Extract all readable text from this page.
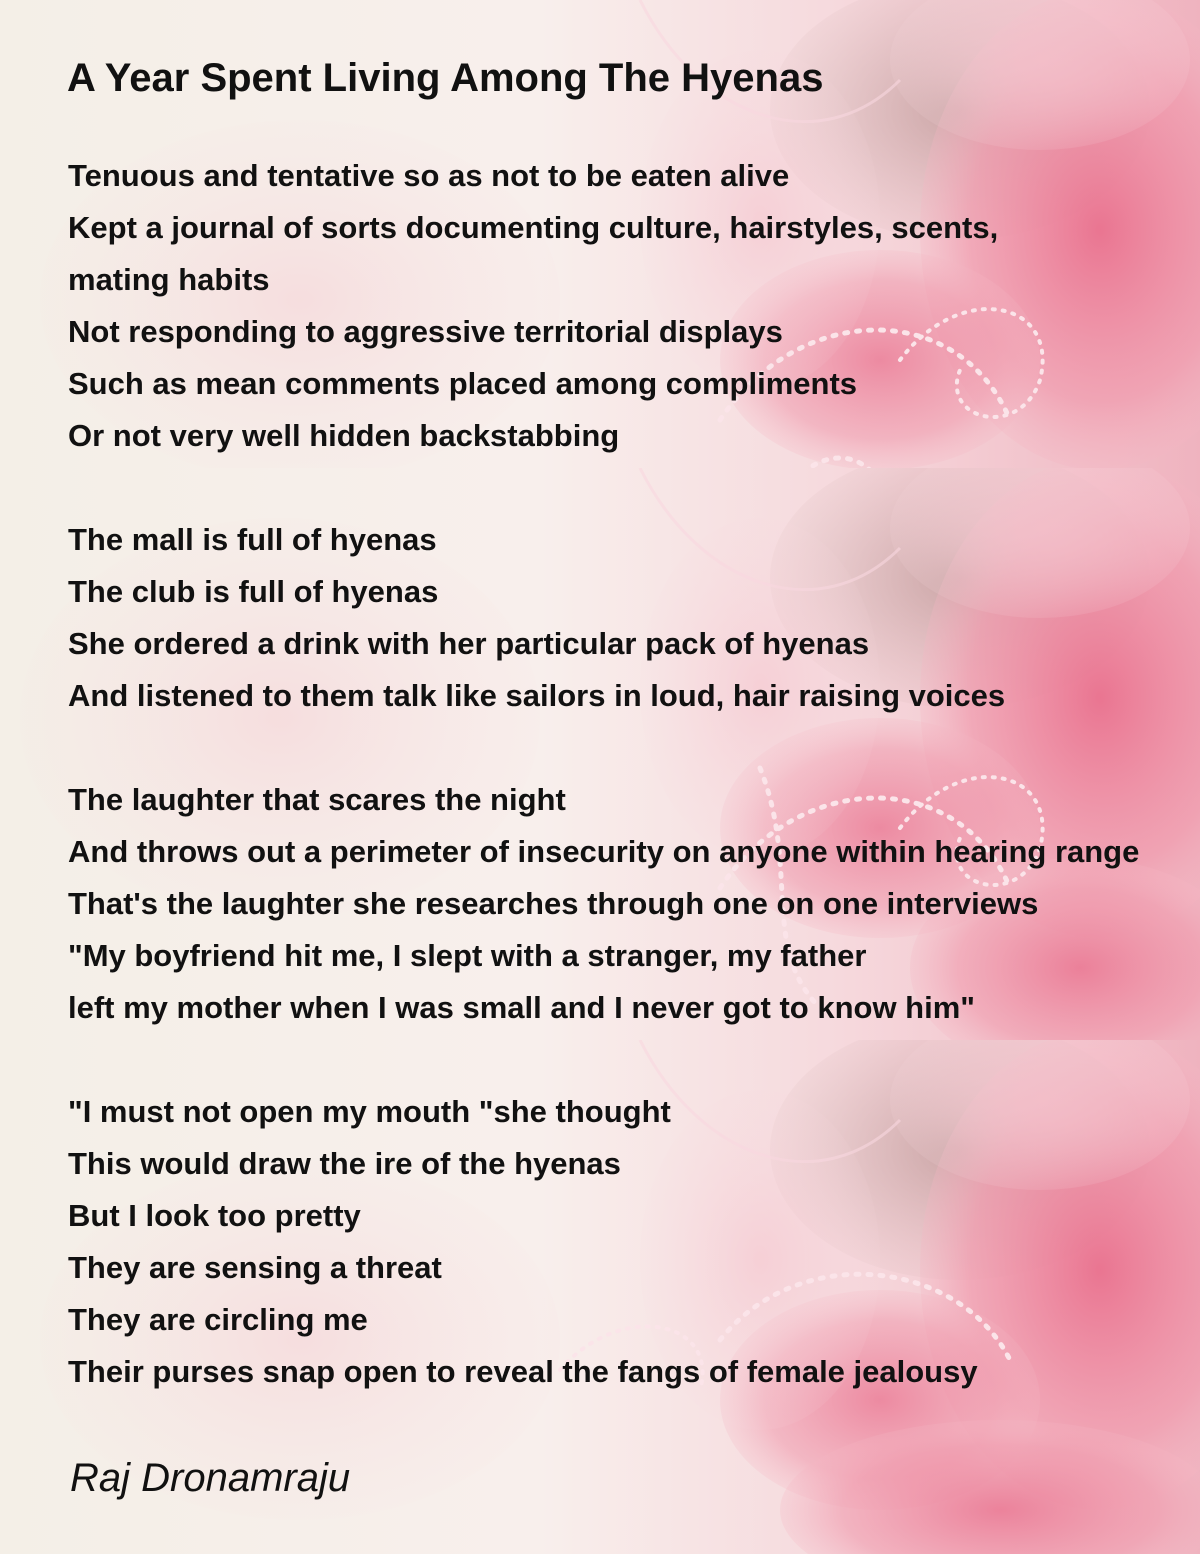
A Year Spent Living Among The Hyenas
Tenuous and tentative so as not to be eaten alive
Kept a journal of sorts documenting culture, hairstyles, scents,
mating habits
Not responding to aggressive territorial displays
Such as mean comments placed among compliments
Or not very well hidden backstabbing
The mall is full of hyenas
The club is full of hyenas
She ordered a drink with her particular pack of hyenas
And listened to them talk like sailors in loud, hair raising voices
The laughter that scares the night
And throws out a perimeter of insecurity on anyone within hearing range
That's the laughter she researches through one on one interviews
"My boyfriend hit me, I slept with a stranger, my father
left my mother when I was small and I never got to know him"
"I must not open my mouth "she thought
This would draw the ire of the hyenas
But I look too pretty
They are sensing a threat
They are circling me
Their purses snap open to reveal the fangs of female jealousy

Raj Dronamraju
